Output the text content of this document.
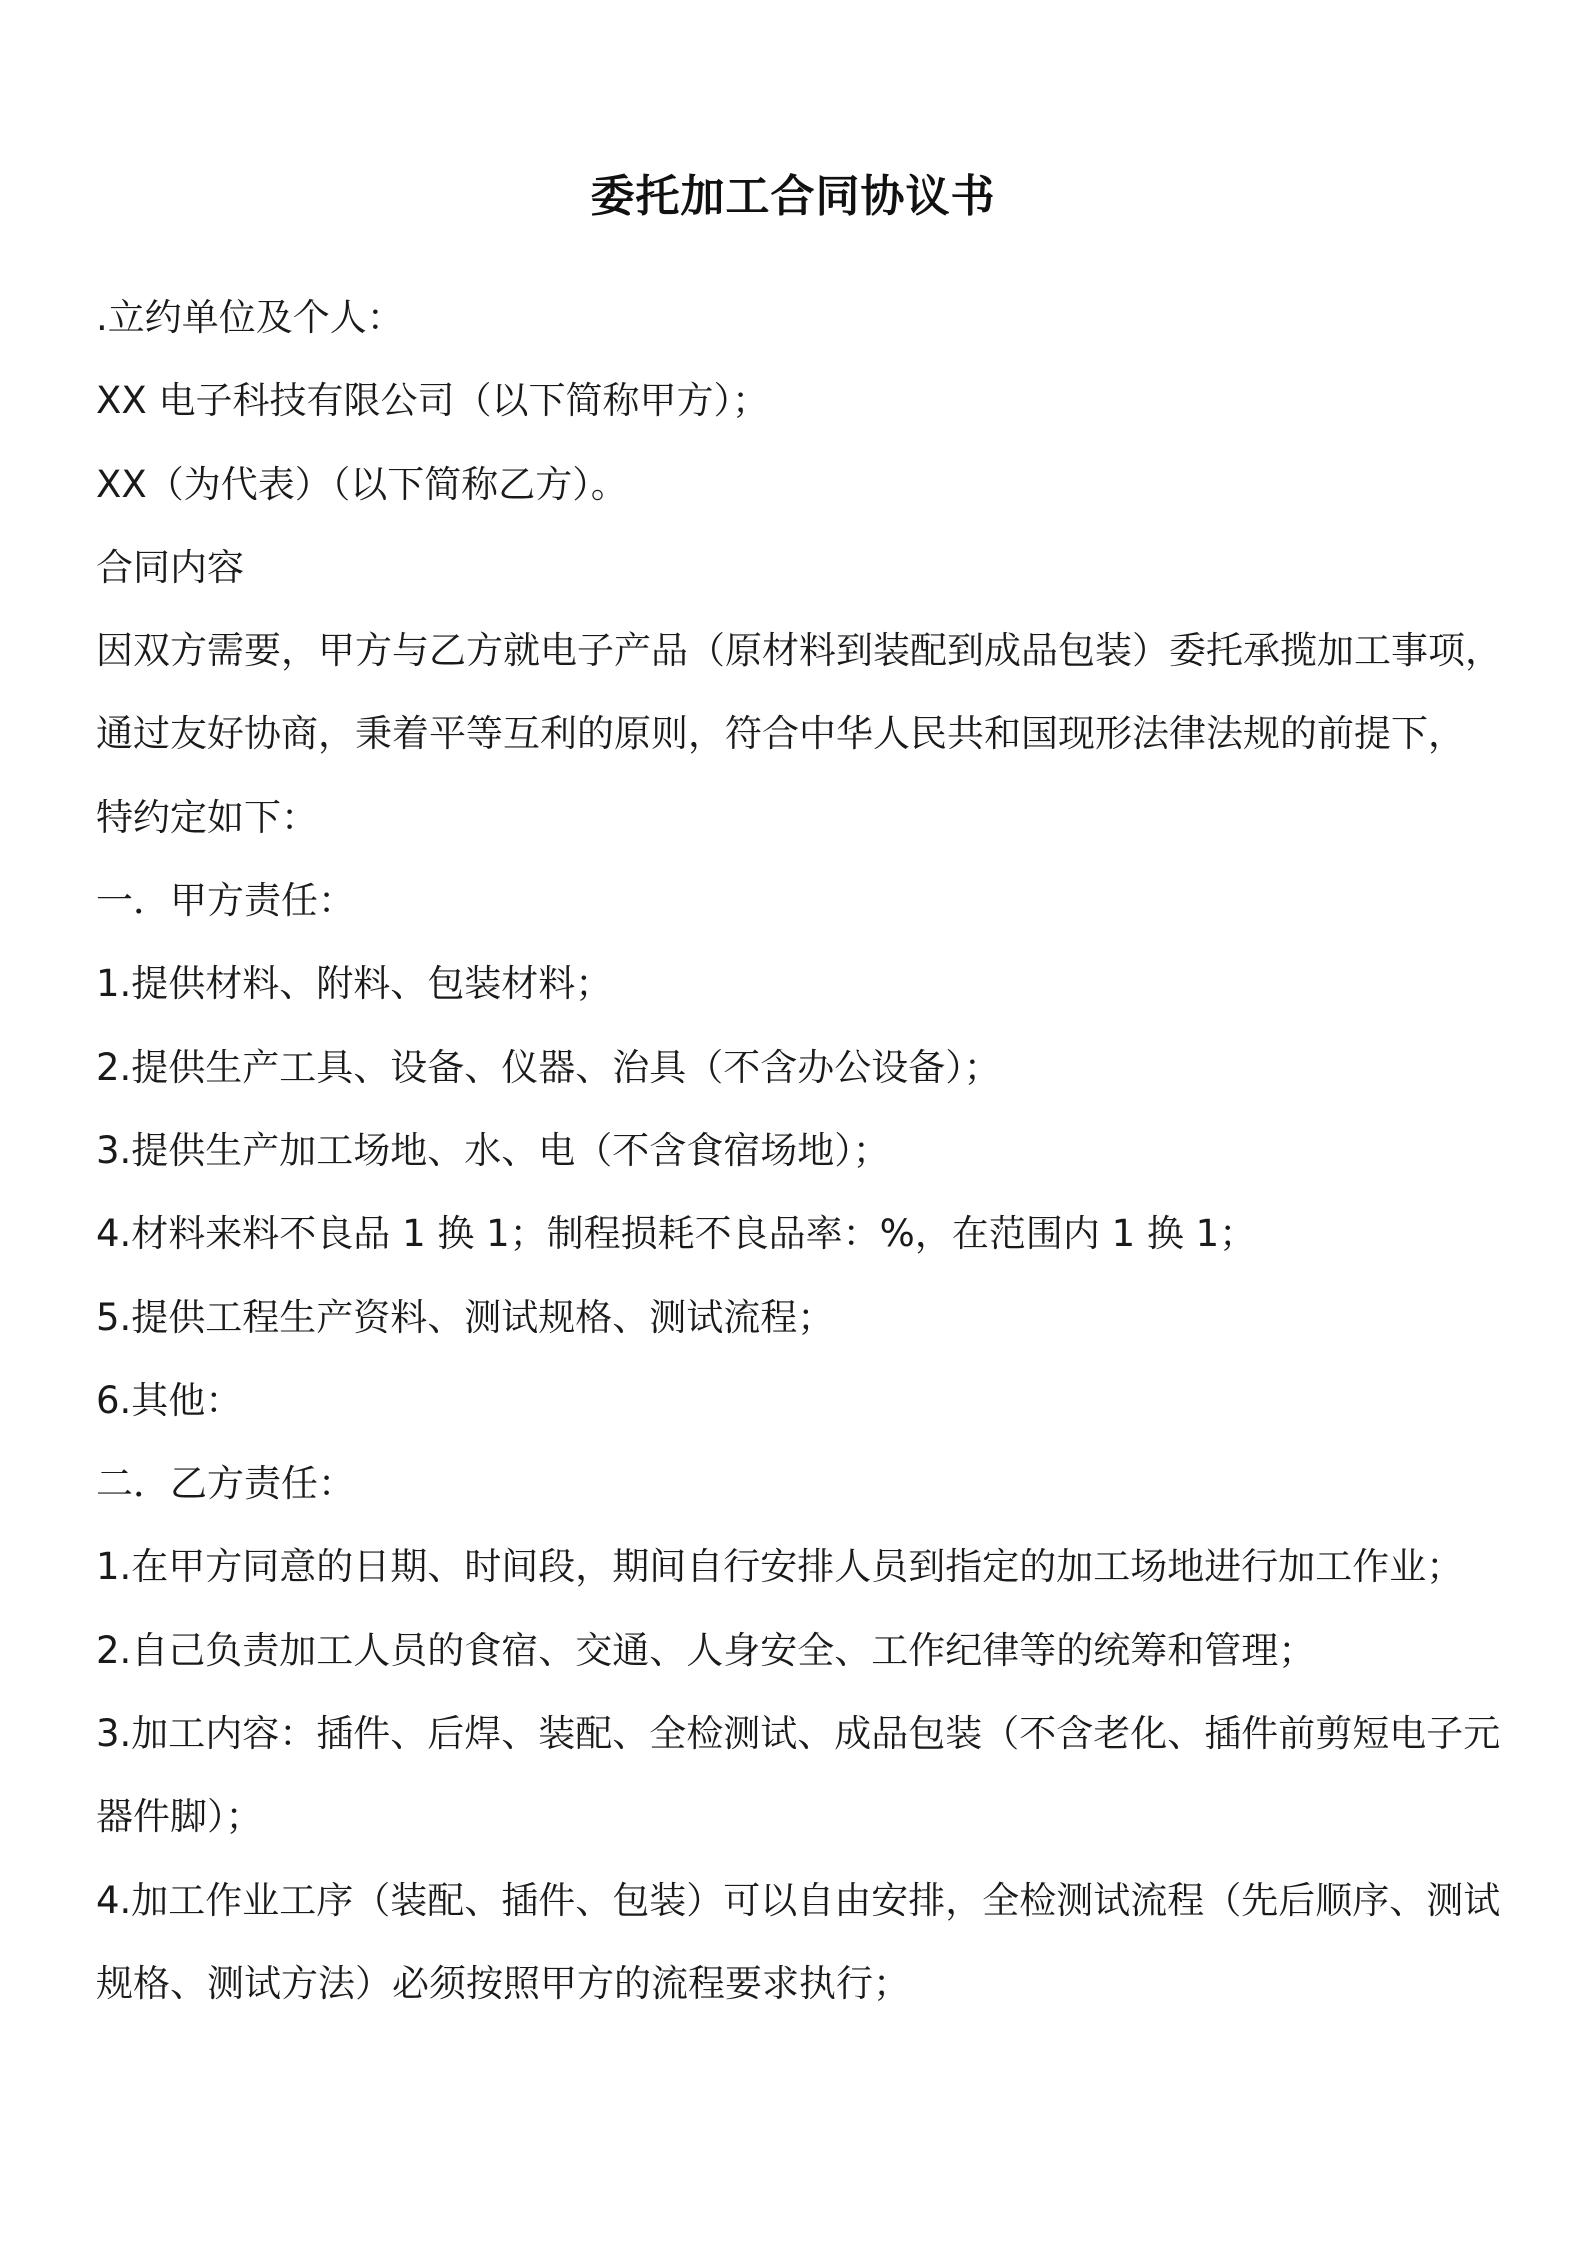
委托加工合同协议书
.立约单位及个人：
XX 电子科技有限公司（以下简称甲方）；
XX（为代表）（以下简称乙方）。
合同内容
因双方需要，甲方与乙方就电子产品（原材料到装配到成品包装）委托承揽加工事项，
通过友好协商，秉着平等互利的原则，符合中华人民共和国现形法律法规的前提下，
特约定如下：
一．甲方责任：
1.提供材料、附料、包装材料；
2.提供生产工具、设备、仪器、治具（不含办公设备）；
3.提供生产加工场地、水、电（不含食宿场地）；
4.材料来料不良品 1 换 1；制程损耗不良品率：%，在范围内 1 换 1；
5.提供工程生产资料、测试规格、测试流程；
6.其他：
二．乙方责任：
1.在甲方同意的日期、时间段，期间自行安排人员到指定的加工场地进行加工作业；
2.自己负责加工人员的食宿、交通、人身安全、工作纪律等的统筹和管理；
3.加工内容：插件、后焊、装配、全检测试、成品包装（不含老化、插件前剪短电子元
器件脚）；
4.加工作业工序（装配、插件、包装）可以自由安排，全检测试流程（先后顺序、测试
规格、测试方法）必须按照甲方的流程要求执行；
